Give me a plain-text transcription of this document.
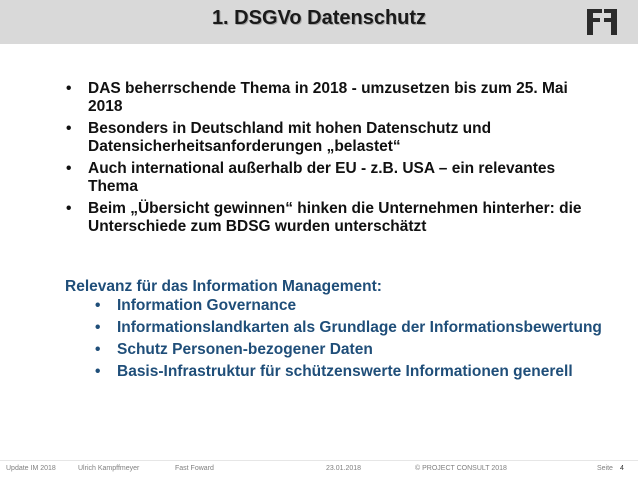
1. DSGVo Datenschutz
• DAS beherrschende Thema in 2018 - umzusetzen bis zum 25. Mai 2018
• Besonders in Deutschland mit hohen Datenschutz und Datensicherheitsanforderungen „belastet“
• Auch international außerhalb der EU - z.B. USA – ein relevantes Thema
• Beim „Übersicht gewinnen“ hinken die Unternehmen hinterher: die Unterschiede zum BDSG wurden unterschätzt
Relevanz für das Information Management:
• Information Governance
• Informationslandkarten als Grundlage der Informationsbewertung
• Schutz Personen-bezogener Daten
• Basis-Infrastruktur für schützenswerte Informationen generell
Update IM 2018	Ulrich Kampffmeyer	Fast Foward	23.01.2018	© PROJECT CONSULT 2018	Seite 4
